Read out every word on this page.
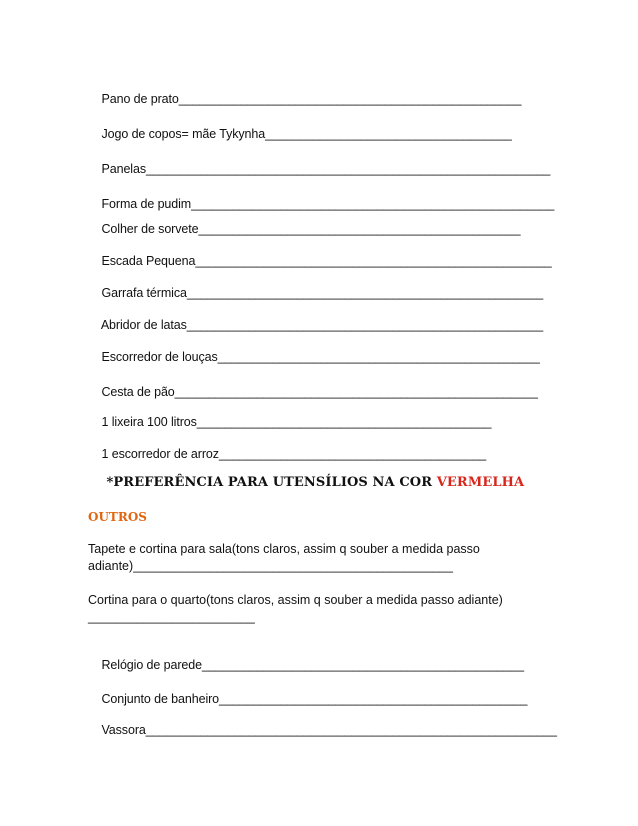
Pano de prato__________________________________________________

Jogo de copos= mãe Tykynha____________________________________

Panelas___________________________________________________________

Forma de pudim_____________________________________________________

Colher de sorvete_______________________________________________

Escada Pequena____________________________________________________

Garrafa térmica____________________________________________________

Abridor de latas____________________________________________________

Escorredor de louças_______________________________________________

Cesta de pão_____________________________________________________

1 lixeira 100 litros___________________________________________

1 escorredor de arroz_______________________________________

*PREFERÊNCIA PARA UTENSÍLIOS NA COR VERMELHA

OUTROS
Tapete e cortina para sala(tons claros, assim q souber a medida passo adiante)______________________________________________
Cortina para o quarto(tons claros, assim q souber a medida passo adiante)
________________________

Relógio de parede_______________________________________________

Conjunto de banheiro_____________________________________________

Vassora____________________________________________________________
